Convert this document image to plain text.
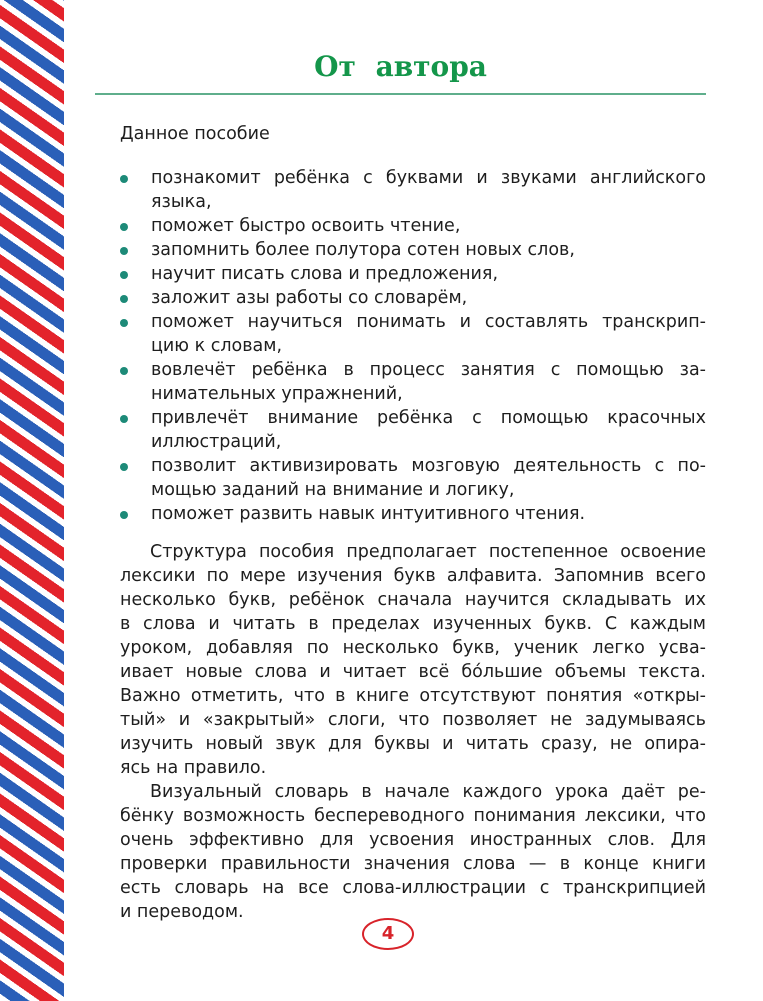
От автора
Данное пособие
познакомит ребёнка с буквами и звуками английского
языка,
поможет быстро освоить чтение,
запомнить более полутора сотен новых слов,
научит писать слова и предложения,
заложит азы работы со словарём,
поможет научиться понимать и составлять транскрип-
цию к словам,
вовлечёт ребёнка в процесс занятия с помощью за-
нимательных упражнений,
привлечёт внимание ребёнка с помощью красочных
иллюстраций,
позволит активизировать мозговую деятельность с по-
мощью заданий на внимание и логику,
поможет развить навык интуитивного чтения.
Структура пособия предполагает постепенное освоение
лексики по мере изучения букв алфавита. Запомнив всего
несколько букв, ребёнок сначала научится складывать их
в слова и читать в пределах изученных букв. С каждым
уроком, добавляя по несколько букв, ученик легко усва-
ивает новые слова и читает всё бóльшие объемы текста.
Важно отметить, что в книге отсутствуют понятия «откры-
тый» и «закрытый» слоги, что позволяет не задумываясь
изучить новый звук для буквы и читать сразу, не опира-
ясь на правило.
Визуальный словарь в начале каждого урока даёт ре-
бёнку возможность беспереводного понимания лексики, что
очень эффективно для усвоения иностранных слов. Для
проверки правильности значения слова — в конце книги
есть словарь на все слова-иллюстрации с транскрипцией
и переводом.
4
